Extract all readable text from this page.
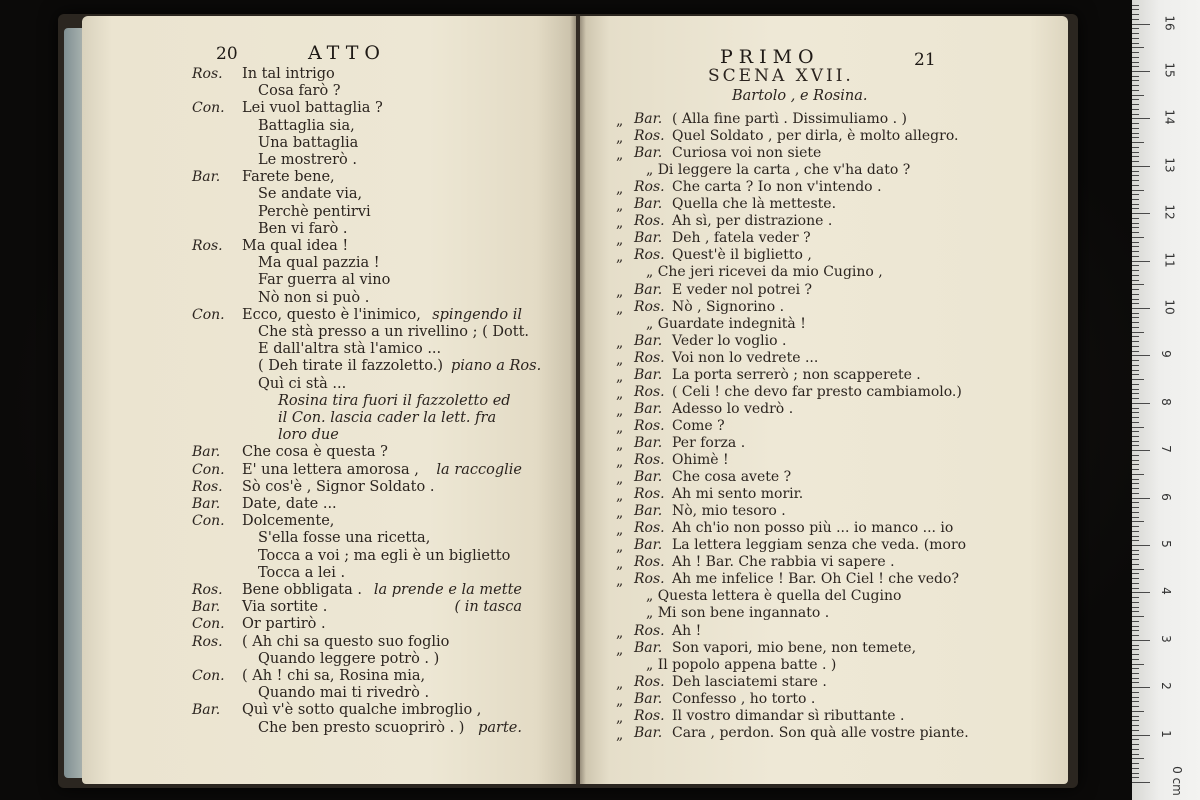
20	ATTO
Ros. In tal intrigo
Cosa farò ?
Con. Lei vuol battaglia ?
Battaglia sia,
Una battaglia
Le mostrerò .
Bar. Farete bene,
Se andate via,
Perchè pentirvi
Ben vi farò .
Ros. Ma qual idea !
Ma qual pazzia !
Far guerra al vino
Nò non si può .
Con. Ecco, questo è l'inimico, spingendo il
Che stà presso a un rivellino ; ( Dott.
E dall'altra stà l'amico ...
( Deh tirate il fazzoletto.) piano a Ros.
Quì ci stà ...
Rosina tira fuori il fazzoletto ed
il Con. lascia cader la lett. fra
loro due
Bar. Che cosa è questa ?
Con. E' una lettera amorosa , la raccoglie
Ros. Sò cos'è , Signor Soldato .
Bar. Date, date ...
Con. Dolcemente,
S'ella fosse una ricetta,
Tocca a voi ; ma egli è un biglietto
Tocca a lei .
Ros. Bene obbligata . la prende e la mette
Bar. Via sortite .	( in tasca
Con. Or partirò .
Ros. ( Ah chi sa questo suo foglio
Quando leggere potrò . )
Con. ( Ah ! chi sa, Rosina mia,
Quando mai ti rivedrò .
Bar. Quì v'è sotto qualche imbroglio ,
Che ben presto scuoprirò . ) parte.
PRIMO	21
SCENA XVII.
Bartolo , e Rosina.
„ Bar. ( Alla fine partì . Dissimuliamo . )
„ Ros. Quel Soldato , per dirla, è molto allegro.
„ Bar. Curiosa voi non siete
„ Di leggere la carta , che v'ha dato ?
„ Ros. Che carta ? Io non v'intendo .
„ Bar. Quella che là metteste.
„ Ros. Ah sì, per distrazione .
„ Bar. Deh , fatela veder ?
„ Ros. Quest'è il biglietto ,
„ Che jeri ricevei da mio Cugino ,
„ Bar. E veder nol potrei ?
„ Ros. Nò , Signorino .
„ Guardate indegnità !
„ Bar. Veder lo voglio .
„ Ros. Voi non lo vedrete ...
„ Bar. La porta serrerò ; non scapperete .
„ Ros. ( Celi ! che devo far presto cambiamolo.)
„ Bar. Adesso lo vedrò .
„ Ros. Come ?
„ Bar. Per forza .
„ Ros. Ohimè !
„ Bar. Che cosa avete ?
„ Ros. Ah mi sento morir.
„ Bar. Nò, mio tesoro .
„ Ros. Ah ch'io non posso più ... io manco ... io
„ Bar. La lettera leggiam senza che veda. (moro
„ Ros. Ah ! Bar. Che rabbia vi sapere .
„ Ros. Ah me infelice ! Bar. Oh Ciel ! che vedo?
„ Questa lettera è quella del Cugino
„ Mi son bene ingannato .
„ Ros. Ah !
„ Bar. Son vapori, mio bene, non temete,
„ Il popolo appena batte . )
„ Ros. Deh lasciatemi stare .
„ Bar. Confesso , ho torto .
„ Ros. Il vostro dimandar sì ributtante .
„ Bar. Cara , perdon. Son quà alle vostre piante.
16
15
14
13
12
11
10
9
8
7
6
5
4
3
2
1
0 cm
